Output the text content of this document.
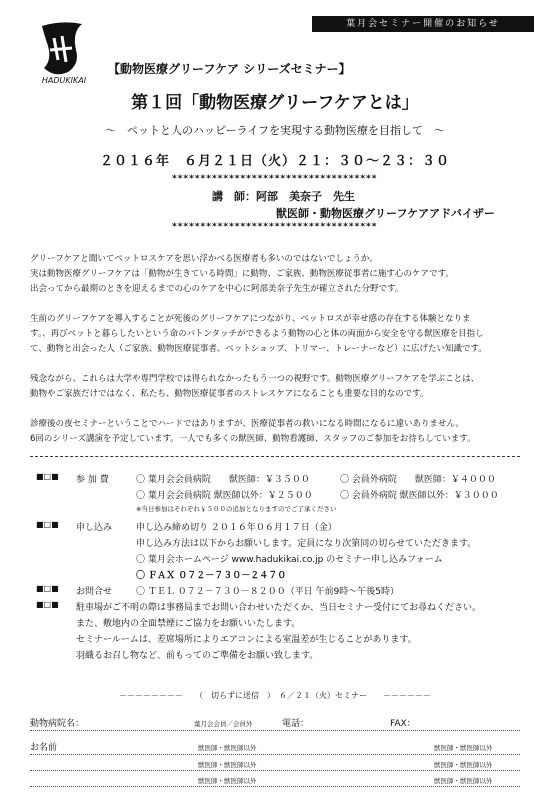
葉月会セミナー開催のお知らせ
HADUKIKAI
【動物医療グリーフケア シリーズセミナー】
第１回「動物医療グリーフケアとは」
～　ペットと人のハッピーライフを実現する動物医療を目指して　～
２０１６年　６月２１日（火）２１：３０～２３：３０
************************************
講　師：阿部　美奈子　先生
獣医師・動物医療グリーフケアアドバイザー
************************************
グリーフケアと聞いてペットロスケアを思い浮かべる医療者も多いのではないでしょうか。
実は動物医療グリーフケアは「動物が生きている時間」に動物、ご家族、動物医療従事者に施す心のケアです。
出会ってから最期のときを迎えるまでの心のケアを中心に阿部美奈子先生が確立された分野です。
生前のグリーフケアを導入することが死後のグリーフケアにつながり、ペットロスが幸せ感の存在する体験となりま
す。、再びペットと暮らしたいという命のバトンタッチができるよう動物の心と体の両面から安全を守る獣医療を目指し
て、動物と出会った人（ご家族、動物医療従事者、ペットショップ、トリマー、トレーナーなど）に広げたい知識です。
残念ながら、これらは大学や専門学校では得られなかったもう一つの視野です。動物医療グリーフケアを学ぶことは、
動物やご家族だけではなく、私たち、動物医療従事者のストレスケアになることも重要な目的なのです。
診療後の夜セミナーということでハードではありますが、医療従事者の救いになる時間になるに違いありません。
6回のシリーズ講演を予定しています。一人でも多くの獣医師、動物看護師、スタッフのご参加をお待ちしています。
■□■ 参 加 費	〇 葉月会会員病院　　獣医師：￥３５００	〇 会員外病院　　獣医師：￥４０００
〇 葉月会会員病院 獣医師以外：￥２５００	〇 会員外病院 獣医師以外：￥３０００
※当日参加はそれぞれ￥５００の追加となりますのでご了承ください
■□■ 申し込み	申し込み締め切り ２０１６年０６月１７日（金）
申し込み方法は以下からお願いします。定員になり次第同の切らせていただきます。
〇 葉月会ホームページ www.hadukikai.co.jp のセミナー申し込みフォーム
〇 ＦＡＸ ０７２－７３０－２４７０
■□■ お問合せ	〇 ＴＥＬ ０７２－７３０－８２００（平日 午前9時～午後5時）
■□■ 駐車場がご不明の際は事務局までお問い合わせいただくか、当日セミナー受付にてお尋ねください。
また、敷地内の全面禁煙にご協力をお願いいたします。
セミナールームは、差席場所によりエアコンによる室温差が生じることがあります。
羽織るお召し物など、前もってのご準備をお願い致します。
－－－－－－－－　　（　切らずに送信　）　６／２１（火）セミナー　　－－－－－－
動物病院名：	葉月会会員／会員外	電話：	FAX：
お名前	獣医師・獣医師以外	獣医師・獣医師以外
獣医師・獣医師以外	獣医師・獣医師以外
獣医師・獣医師以外	獣医師・獣医師以外
